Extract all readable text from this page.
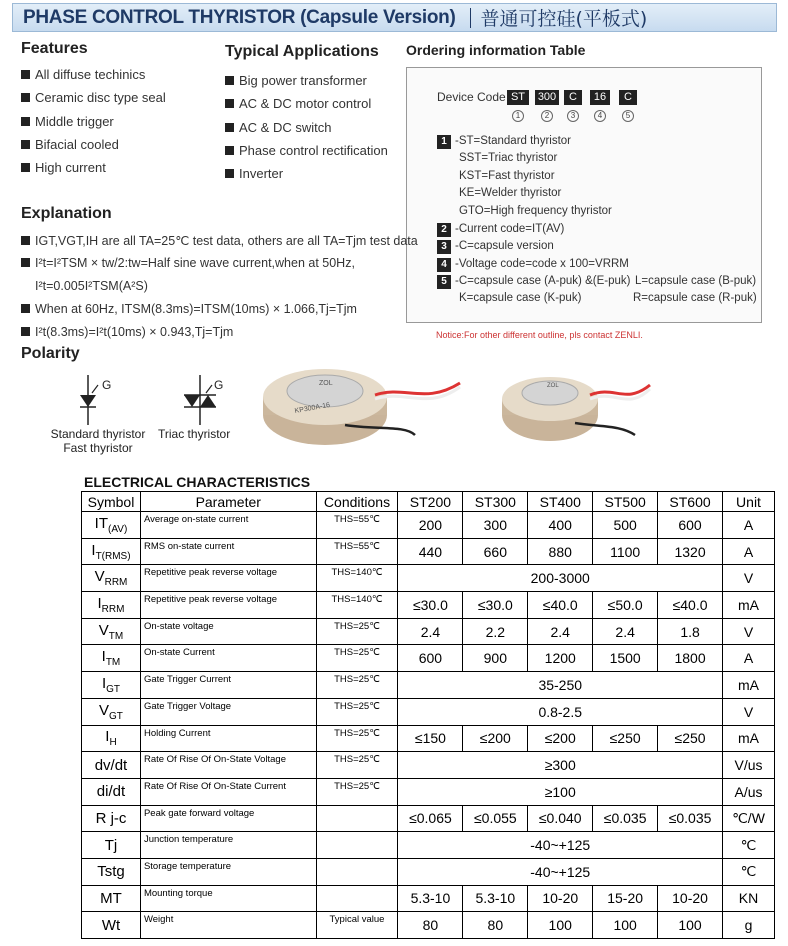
PHASE CONTROL THYRISTOR (Capsule Version) 普通可控硅(平板式)
Features
All diffuse techinics
Ceramic disc type seal
Middle trigger
Bifacial cooled
High current
Typical Applications
Big power transformer
AC & DC motor control
AC & DC switch
Phase control rectification
Inverter
Ordering information Table
Device Code ST	300	C	16	C
1	2	3	4	5
1 -ST=Standard thyristor
SST=Triac thyristor
KST=Fast thyristor
KE=Welder thyristor
GTO=High frequency thyristor
2 -Current code=IT(AV)
3 -C=capsule version
4 -Voltage code=code x 100=VRRM
5 -C=capsule case (A-puk) &(E-puk) L=capsule case (B-puk)
K=capsule case (K-puk)	R=capsule case (R-puk)
Notice:For other different outline, pls contact ZENLI.
Explanation
IGT,VGT,IH are all TA=25℃ test data, others are all TA=Tjm test data
I²t=I²TSM × tw/2:tw=Half sine wave current,when at 50Hz,
I²t=0.005I²TSM(A²S)
When at 60Hz, ITSM(8.3ms)=ITSM(10ms) × 1.066,Tj=Tjm
I²t(8.3ms)=I²t(10ms) × 0.943,Tj=Tjm
Polarity
G	G
Standard thyristor
Fast thyristor
Triac thyristor
ZOL
KP300A-16
ZOL
ELECTRICAL CHARACTERISTICS
Symbol	Parameter	Conditions	ST200	ST300	ST400	ST500	ST600	Unit
$IT_{(AV)}$	Average on-state current	THS=55℃	200	300	400	500	600	A
$I_{T(RMS)}$	RMS on-state current	THS=55℃	440	660	880	1100	1320	A
$V_{RRM}$	Repetitive peak reverse voltage	THS=140℃	200-3000					V
$I_{RRM}$	Repetitive peak reverse voltage	THS=140℃	≤30.0	≤30.0	≤40.0	≤50.0	≤40.0	mA
$V_{TM}$	On-state voltage	THS=25℃	2.4	2.2	2.4	2.4	1.8	V
$I_{TM}$	On-state Current	THS=25℃	600	900	1200	1500	1800	A
$I_{GT}$	Gate Trigger Current	THS=25℃	35-250					mA
$V_{GT}$	Gate Trigger Voltage	THS=25℃	0.8-2.5					V
$I_H$	Holding Current	THS=25℃	≤150	≤200	≤200	≤250	≤250	mA
dv/dt	Rate Of Rise Of On-State Voltage	THS=25℃	≥300					V/us
di/dt	Rate Of Rise Of On-State Current	THS=25℃	≥100					A/us
R j-c	Peak gate forward voltage		≤0.065	≤0.055	≤0.040	≤0.035	≤0.035	℃/W
Tj	Junction temperature		-40~+125					℃
Tstg	Storage temperature		-40~+125					℃
MT	Mounting torque		5.3-10	5.3-10	10-20	15-20	10-20	KN
Wt	Weight	Typical value	80	80	100	100	100	g
